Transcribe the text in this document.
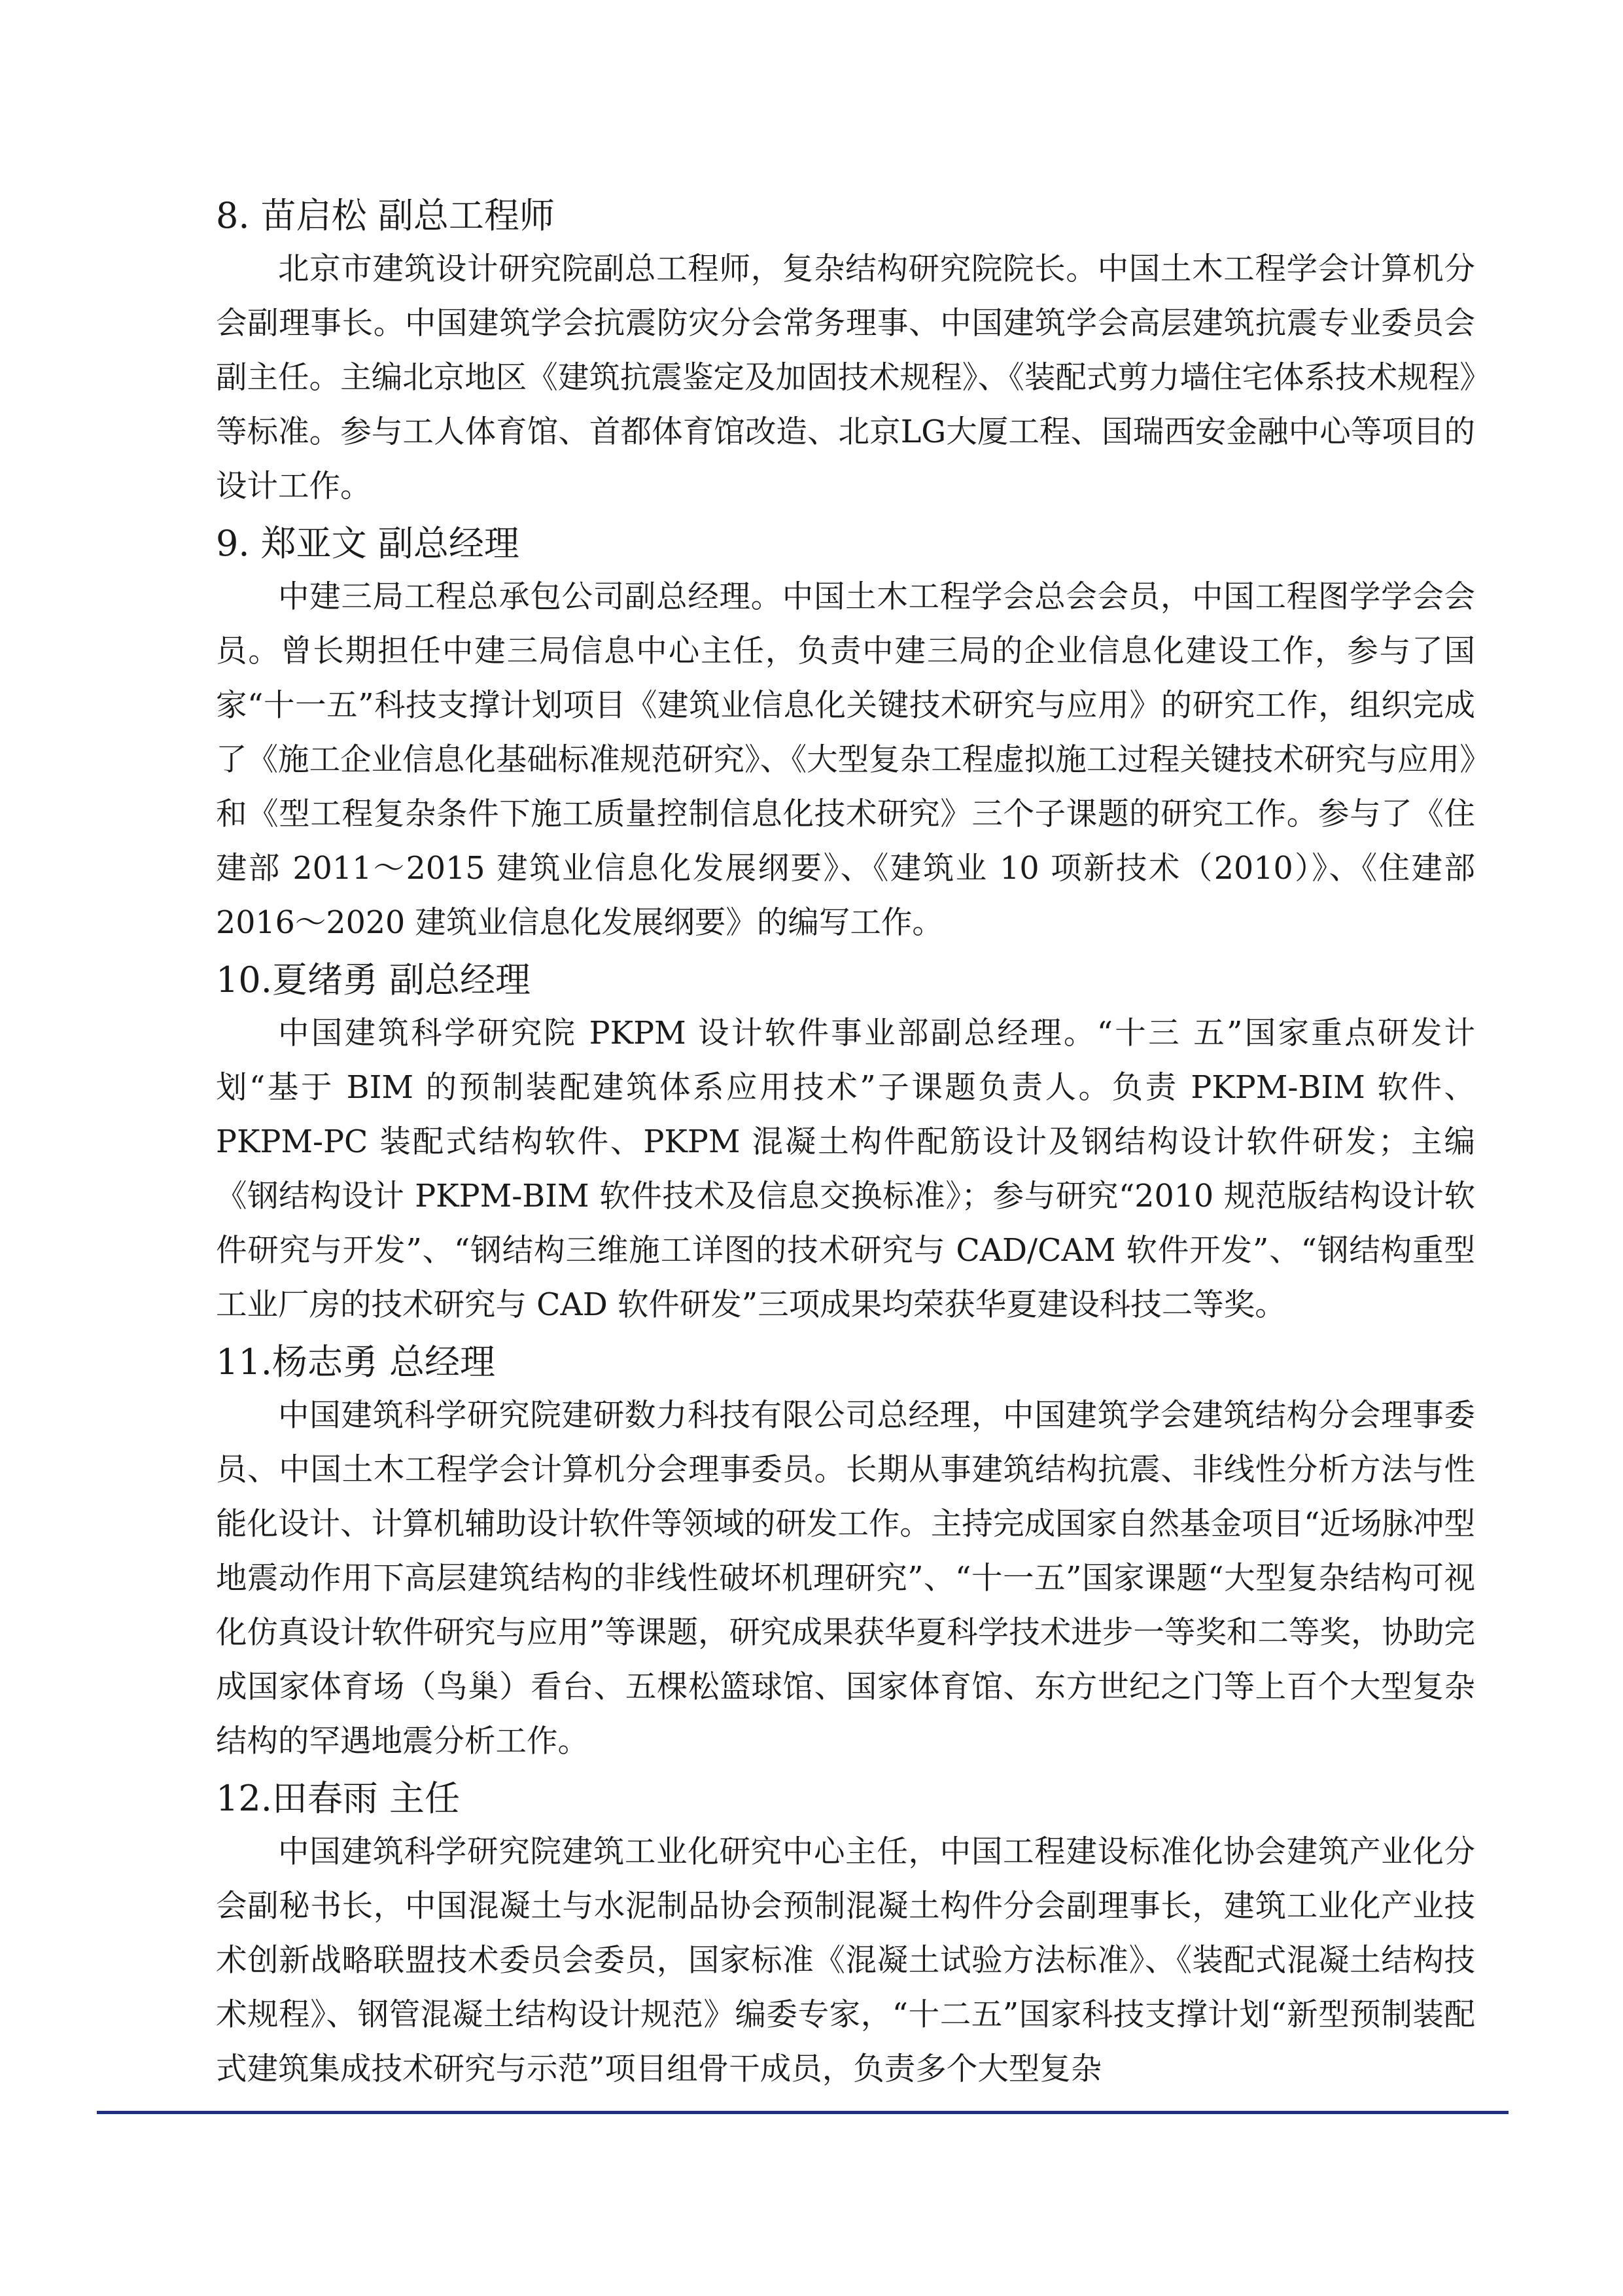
8. 苗启松 副总工程师

北京市建筑设计研究院副总工程师，复杂结构研究院院长。中国土木工程学会计算机分会副理事长。中国建筑学会抗震防灾分会常务理事、中国建筑学会高层建筑抗震专业委员会副主任。主编北京地区《建筑抗震鉴定及加固技术规程》、《装配式剪力墙住宅体系技术规程》等标准。参与工人体育馆、首都体育馆改造、北京LG大厦工程、国瑞西安金融中心等项目的设计工作。

9. 郑亚文 副总经理

中建三局工程总承包公司副总经理。中国土木工程学会总会会员，中国工程图学学会会员。曾长期担任中建三局信息中心主任，负责中建三局的企业信息化建设工作，参与了国家“十一五”科技支撑计划项目《建筑业信息化关键技术研究与应用》的研究工作，组织完成了《施工企业信息化基础标准规范研究》、《大型复杂工程虚拟施工过程关键技术研究与应用》和《型工程复杂条件下施工质量控制信息化技术研究》三个子课题的研究工作。参与了《住建部 2011～2015 建筑业信息化发展纲要》、《建筑业 10 项新技术（2010）》、《住建部 2016～2020 建筑业信息化发展纲要》的编写工作。

10.夏绪勇 副总经理

中国建筑科学研究院 PKPM 设计软件事业部副总经理。“十三 五”国家重点研发计划“基于 BIM 的预制装配建筑体系应用技术”子课题负责人。负责 PKPM-BIM 软件、PKPM-PC 装配式结构软件、PKPM 混凝土构件配筋设计及钢结构设计软件研发；主编《钢结构设计 PKPM-BIM 软件技术及信息交换标准》；参与研究“2010 规范版结构设计软件研究与开发”、“钢结构三维施工详图的技术研究与 CAD/CAM 软件开发”、“钢结构重型工业厂房的技术研究与 CAD 软件研发”三项成果均荣获华夏建设科技二等奖。

11.杨志勇 总经理

中国建筑科学研究院建研数力科技有限公司总经理，中国建筑学会建筑结构分会理事委员、中国土木工程学会计算机分会理事委员。长期从事建筑结构抗震、非线性分析方法与性能化设计、计算机辅助设计软件等领域的研发工作。主持完成国家自然基金项目“近场脉冲型地震动作用下高层建筑结构的非线性破坏机理研究”、“十一五”国家课题“大型复杂结构可视化仿真设计软件研究与应用”等课题，研究成果获华夏科学技术进步一等奖和二等奖，协助完成国家体育场（鸟巢）看台、五棵松篮球馆、国家体育馆、东方世纪之门等上百个大型复杂结构的罕遇地震分析工作。

12.田春雨 主任

中国建筑科学研究院建筑工业化研究中心主任，中国工程建设标准化协会建筑产业化分会副秘书长，中国混凝土与水泥制品协会预制混凝土构件分会副理事长，建筑工业化产业技术创新战略联盟技术委员会委员，国家标准《混凝土试验方法标准》、《装配式混凝土结构技术规程》、钢管混凝土结构设计规范》编委专家，“十二五”国家科技支撑计划“新型预制装配式建筑集成技术研究与示范”项目组骨干成员，负责多个大型复杂
